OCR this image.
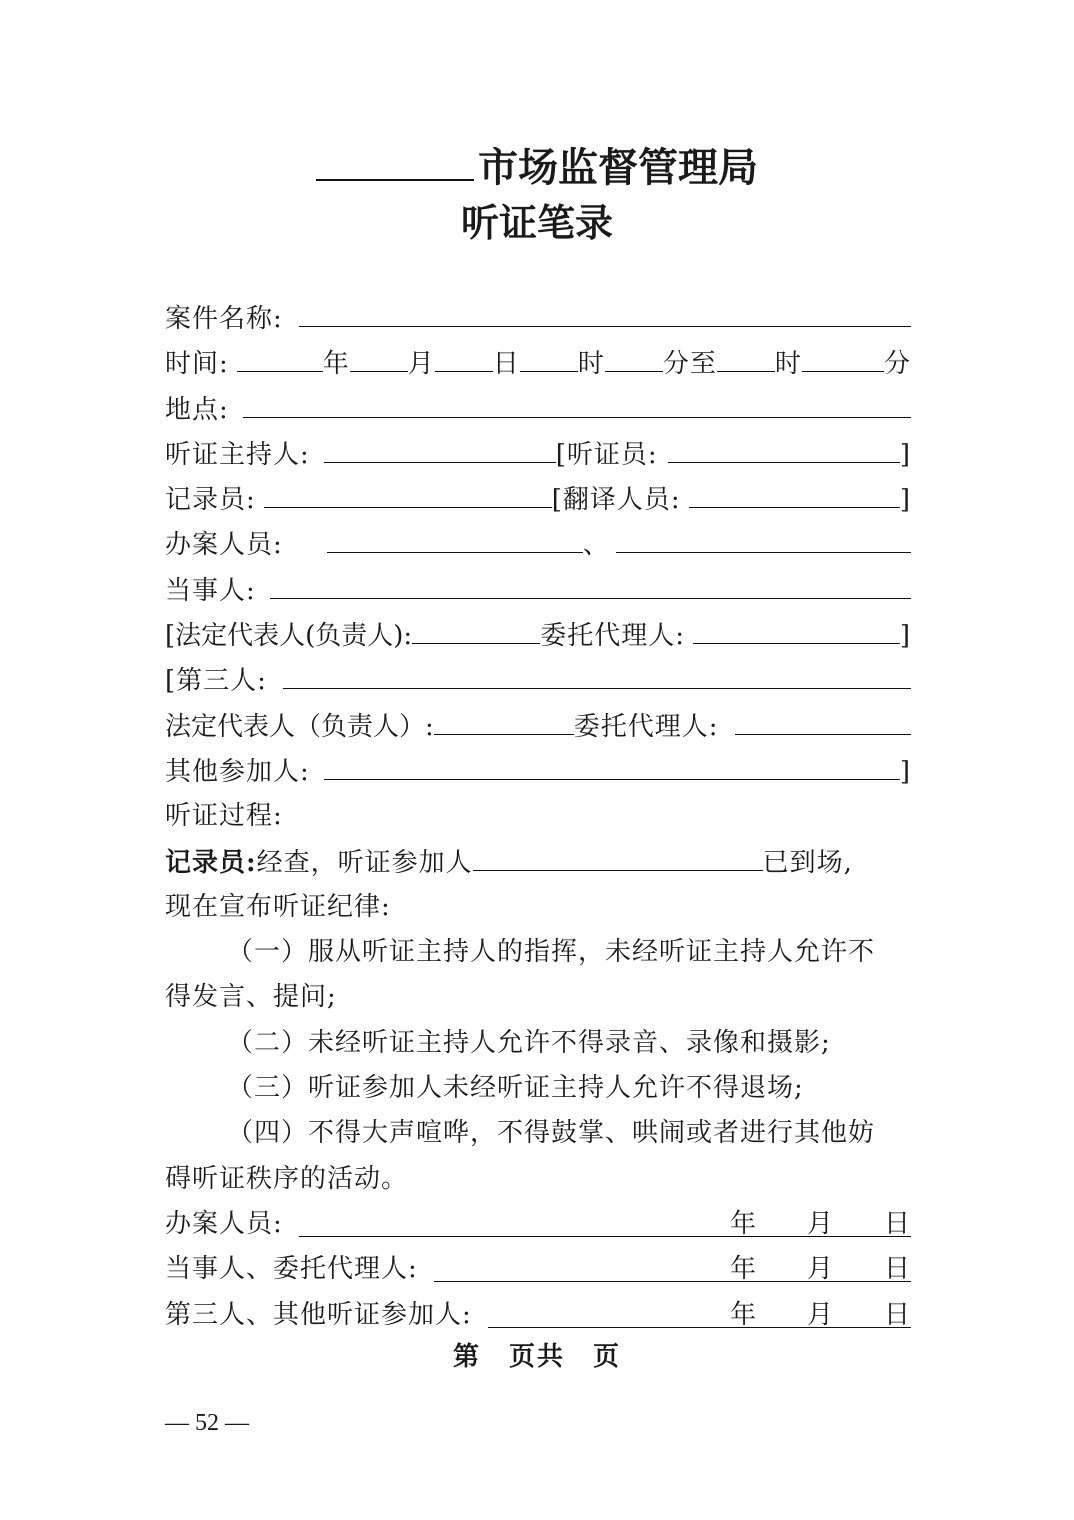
市场监督管理局
听证笔录
案件名称:
时间:	年 月 日 时 分至 时	分
地点:
听证主持人:	[听证员:	]
记录员:	[翻译人员:	]
办案人员:	、
当事人:
[法定代表人(负责人):	委托代理人:	]
[第三人:
法定代表人（负责人）:	委托代理人:
其他参加人:	]
听证过程:
记录员: 经查，听证参加人	已到场,
现在宣布听证纪律:
（一）服从听证主持人的指挥，未经听证主持人允许不
得发言、提问;
（二）未经听证主持人允许不得录音、录像和摄影;
（三）听证参加人未经听证主持人允许不得退场;
（四）不得大声喧哗，不得鼓掌、哄闹或者进行其他妨
碍听证秩序的活动。
办案人员:	年 月 日
当事人、委托代理人:	年 月 日
第三人、其他听证参加人:	年 月 日
第　页共　页
— 52 —
